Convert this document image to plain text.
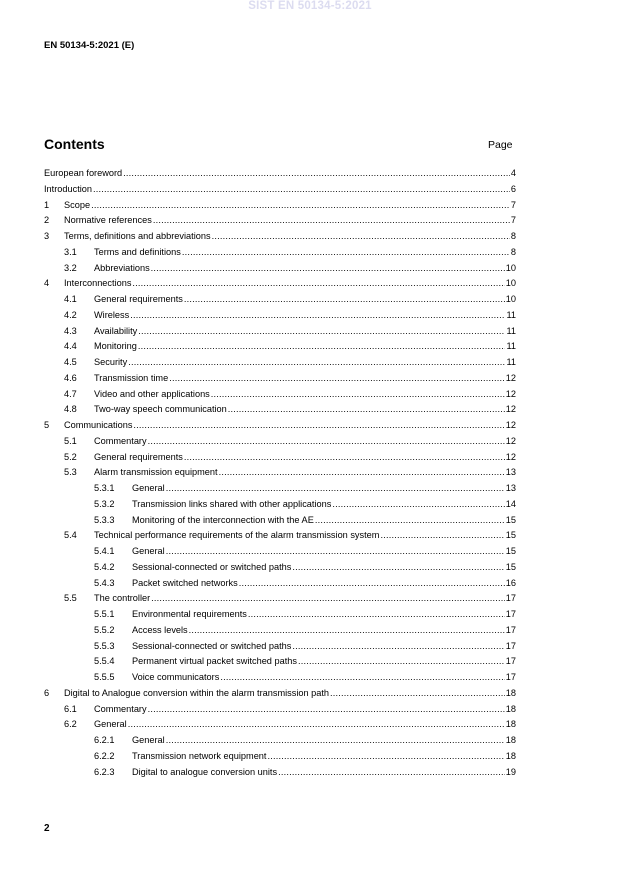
SIST EN 50134-5:2021
EN 50134-5:2021 (E)
Contents	Page
European foreword .....	4
Introduction .....	6
1	Scope .....	7
2	Normative references .....	7
3	Terms, definitions and abbreviations .....	8
3.1	Terms and definitions .....	8
3.2	Abbreviations .....	10
4	Interconnections .....	10
4.1	General requirements .....	10
4.2	Wireless .....	11
4.3	Availability .....	11
4.4	Monitoring .....	11
4.5	Security .....	11
4.6	Transmission time .....	12
4.7	Video and other applications .....	12
4.8	Two-way speech communication .....	12
5	Communications .....	12
5.1	Commentary .....	12
5.2	General requirements .....	12
5.3	Alarm transmission equipment .....	13
5.3.1	General .....	13
5.3.2	Transmission links shared with other applications .....	14
5.3.3	Monitoring of the interconnection with the AE .....	15
5.4	Technical performance requirements of the alarm transmission system .....	15
5.4.1	General .....	15
5.4.2	Sessional-connected or switched paths .....	15
5.4.3	Packet switched networks .....	16
5.5	The controller .....	17
5.5.1	Environmental requirements .....	17
5.5.2	Access levels .....	17
5.5.3	Sessional-connected or switched paths .....	17
5.5.4	Permanent virtual packet switched paths .....	17
5.5.5	Voice communicators .....	17
6	Digital to Analogue conversion within the alarm transmission path .....	18
6.1	Commentary .....	18
6.2	General .....	18
6.2.1	General .....	18
6.2.2	Transmission network equipment .....	18
6.2.3	Digital to analogue conversion units .....	19
2
